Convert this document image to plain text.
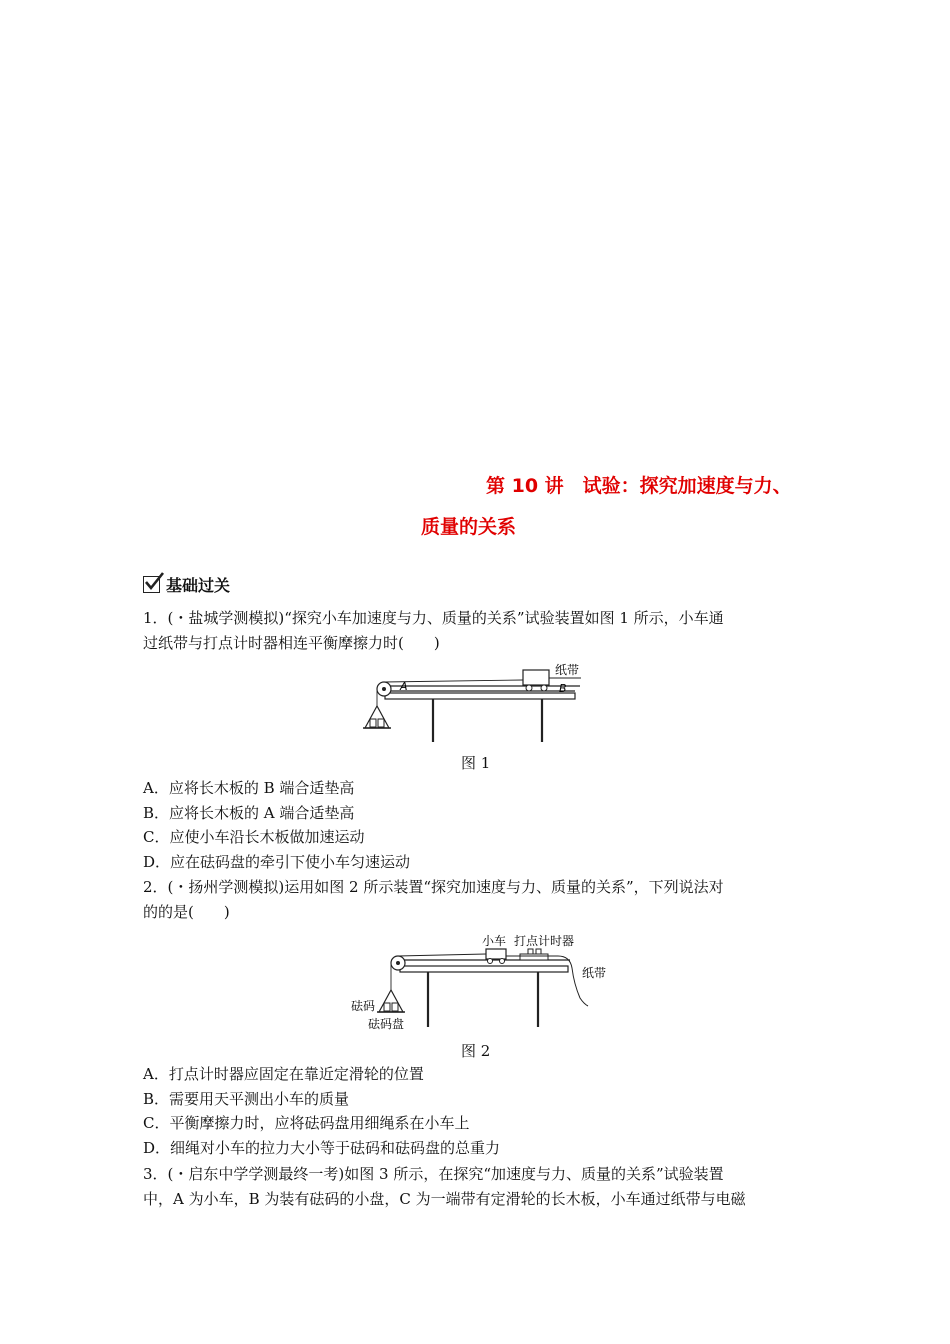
第 10 讲　试验：探究加速度与力、
质量的关系
基础过关
1．(・盐城学测模拟)“探究小车加速度与力、质量的关系”试验装置如图 1 所示，小车通
过纸带与打点计时器相连平衡摩擦力时(　　)
纸带
A	B
图 1
A．应将长木板的 B 端合适垫高
B．应将长木板的 A 端合适垫高
C．应使小车沿长木板做加速运动
D．应在砝码盘的牵引下使小车匀速运动
2．(・扬州学测模拟)运用如图 2 所示装置“探究加速度与力、质量的关系”，下列说法对
的的是(　　)
小车 打点计时器
纸带
砝码
砝码盘
图 2
A．打点计时器应固定在靠近定滑轮的位置
B．需要用天平测出小车的质量
C．平衡摩擦力时，应将砝码盘用细绳系在小车上
D．细绳对小车的拉力大小等于砝码和砝码盘的总重力
3．(・启东中学学测最终一考)如图 3 所示，在探究“加速度与力、质量的关系”试验装置
中，A 为小车，B 为装有砝码的小盘，C 为一端带有定滑轮的长木板，小车通过纸带与电磁
